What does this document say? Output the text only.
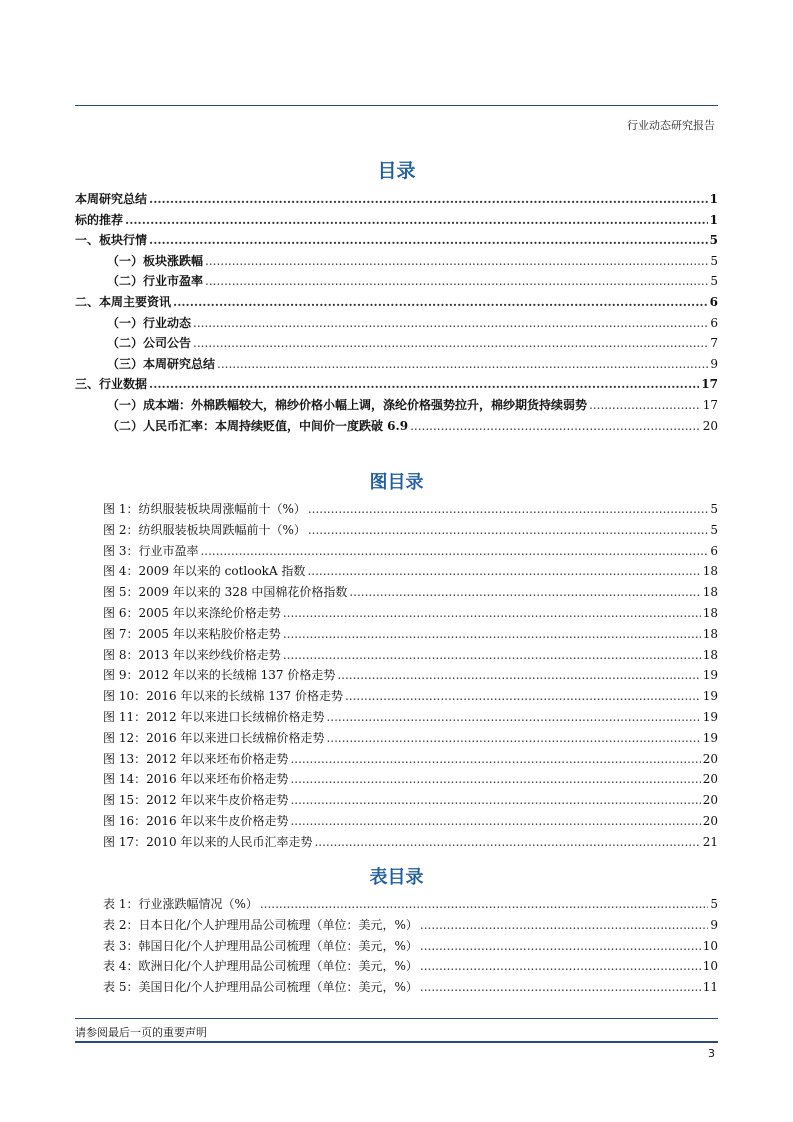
行业动态研究报告
目录
本周研究总结 .....	1
标的推荐 .....	1
一、板块行情 .....	5
（一）板块涨跌幅 .....	5
（二）行业市盈率 .....	5
二、本周主要资讯 .....	6
（一）行业动态 .....	6
（二）公司公告 .....	7
（三）本周研究总结 .....	9
三、行业数据 .....	17
（一）成本端：外棉跌幅较大，棉纱价格小幅上调，涤纶价格强势拉升，棉纱期货持续弱势 .....	17
（二）人民币汇率：本周持续贬值，中间价一度跌破 6.9 .....	20
图目录
图 1：纺织服装板块周涨幅前十（%） .....	5
图 2：纺织服装板块周跌幅前十（%） .....	5
图 3：行业市盈率 .....	6
图 4：2009 年以来的 cotlookA 指数 .....	18
图 5：2009 年以来的 328 中国棉花价格指数 .....	18
图 6：2005 年以来涤纶价格走势 .....	18
图 7：2005 年以来粘胶价格走势 .....	18
图 8：2013 年以来纱线价格走势 .....	18
图 9：2012 年以来的长绒棉 137 价格走势 .....	19
图 10：2016 年以来的长绒棉 137 价格走势 .....	19
图 11：2012 年以来进口长绒棉价格走势 .....	19
图 12：2016 年以来进口长绒棉价格走势 .....	19
图 13：2012 年以来坯布价格走势 .....	20
图 14：2016 年以来坯布价格走势 .....	20
图 15：2012 年以来牛皮价格走势 .....	20
图 16：2016 年以来牛皮价格走势 .....	20
图 17：2010 年以来的人民币汇率走势 .....	21
表目录
表 1：行业涨跌幅情况（%） .....	5
表 2：日本日化/个人护理用品公司梳理（单位：美元，%） .....	9
表 3：韩国日化/个人护理用品公司梳理（单位：美元，%） .....	10
表 4：欧洲日化/个人护理用品公司梳理（单位：美元，%） .....	10
表 5：美国日化/个人护理用品公司梳理（单位：美元，%） .....	11
请参阅最后一页的重要声明
3
